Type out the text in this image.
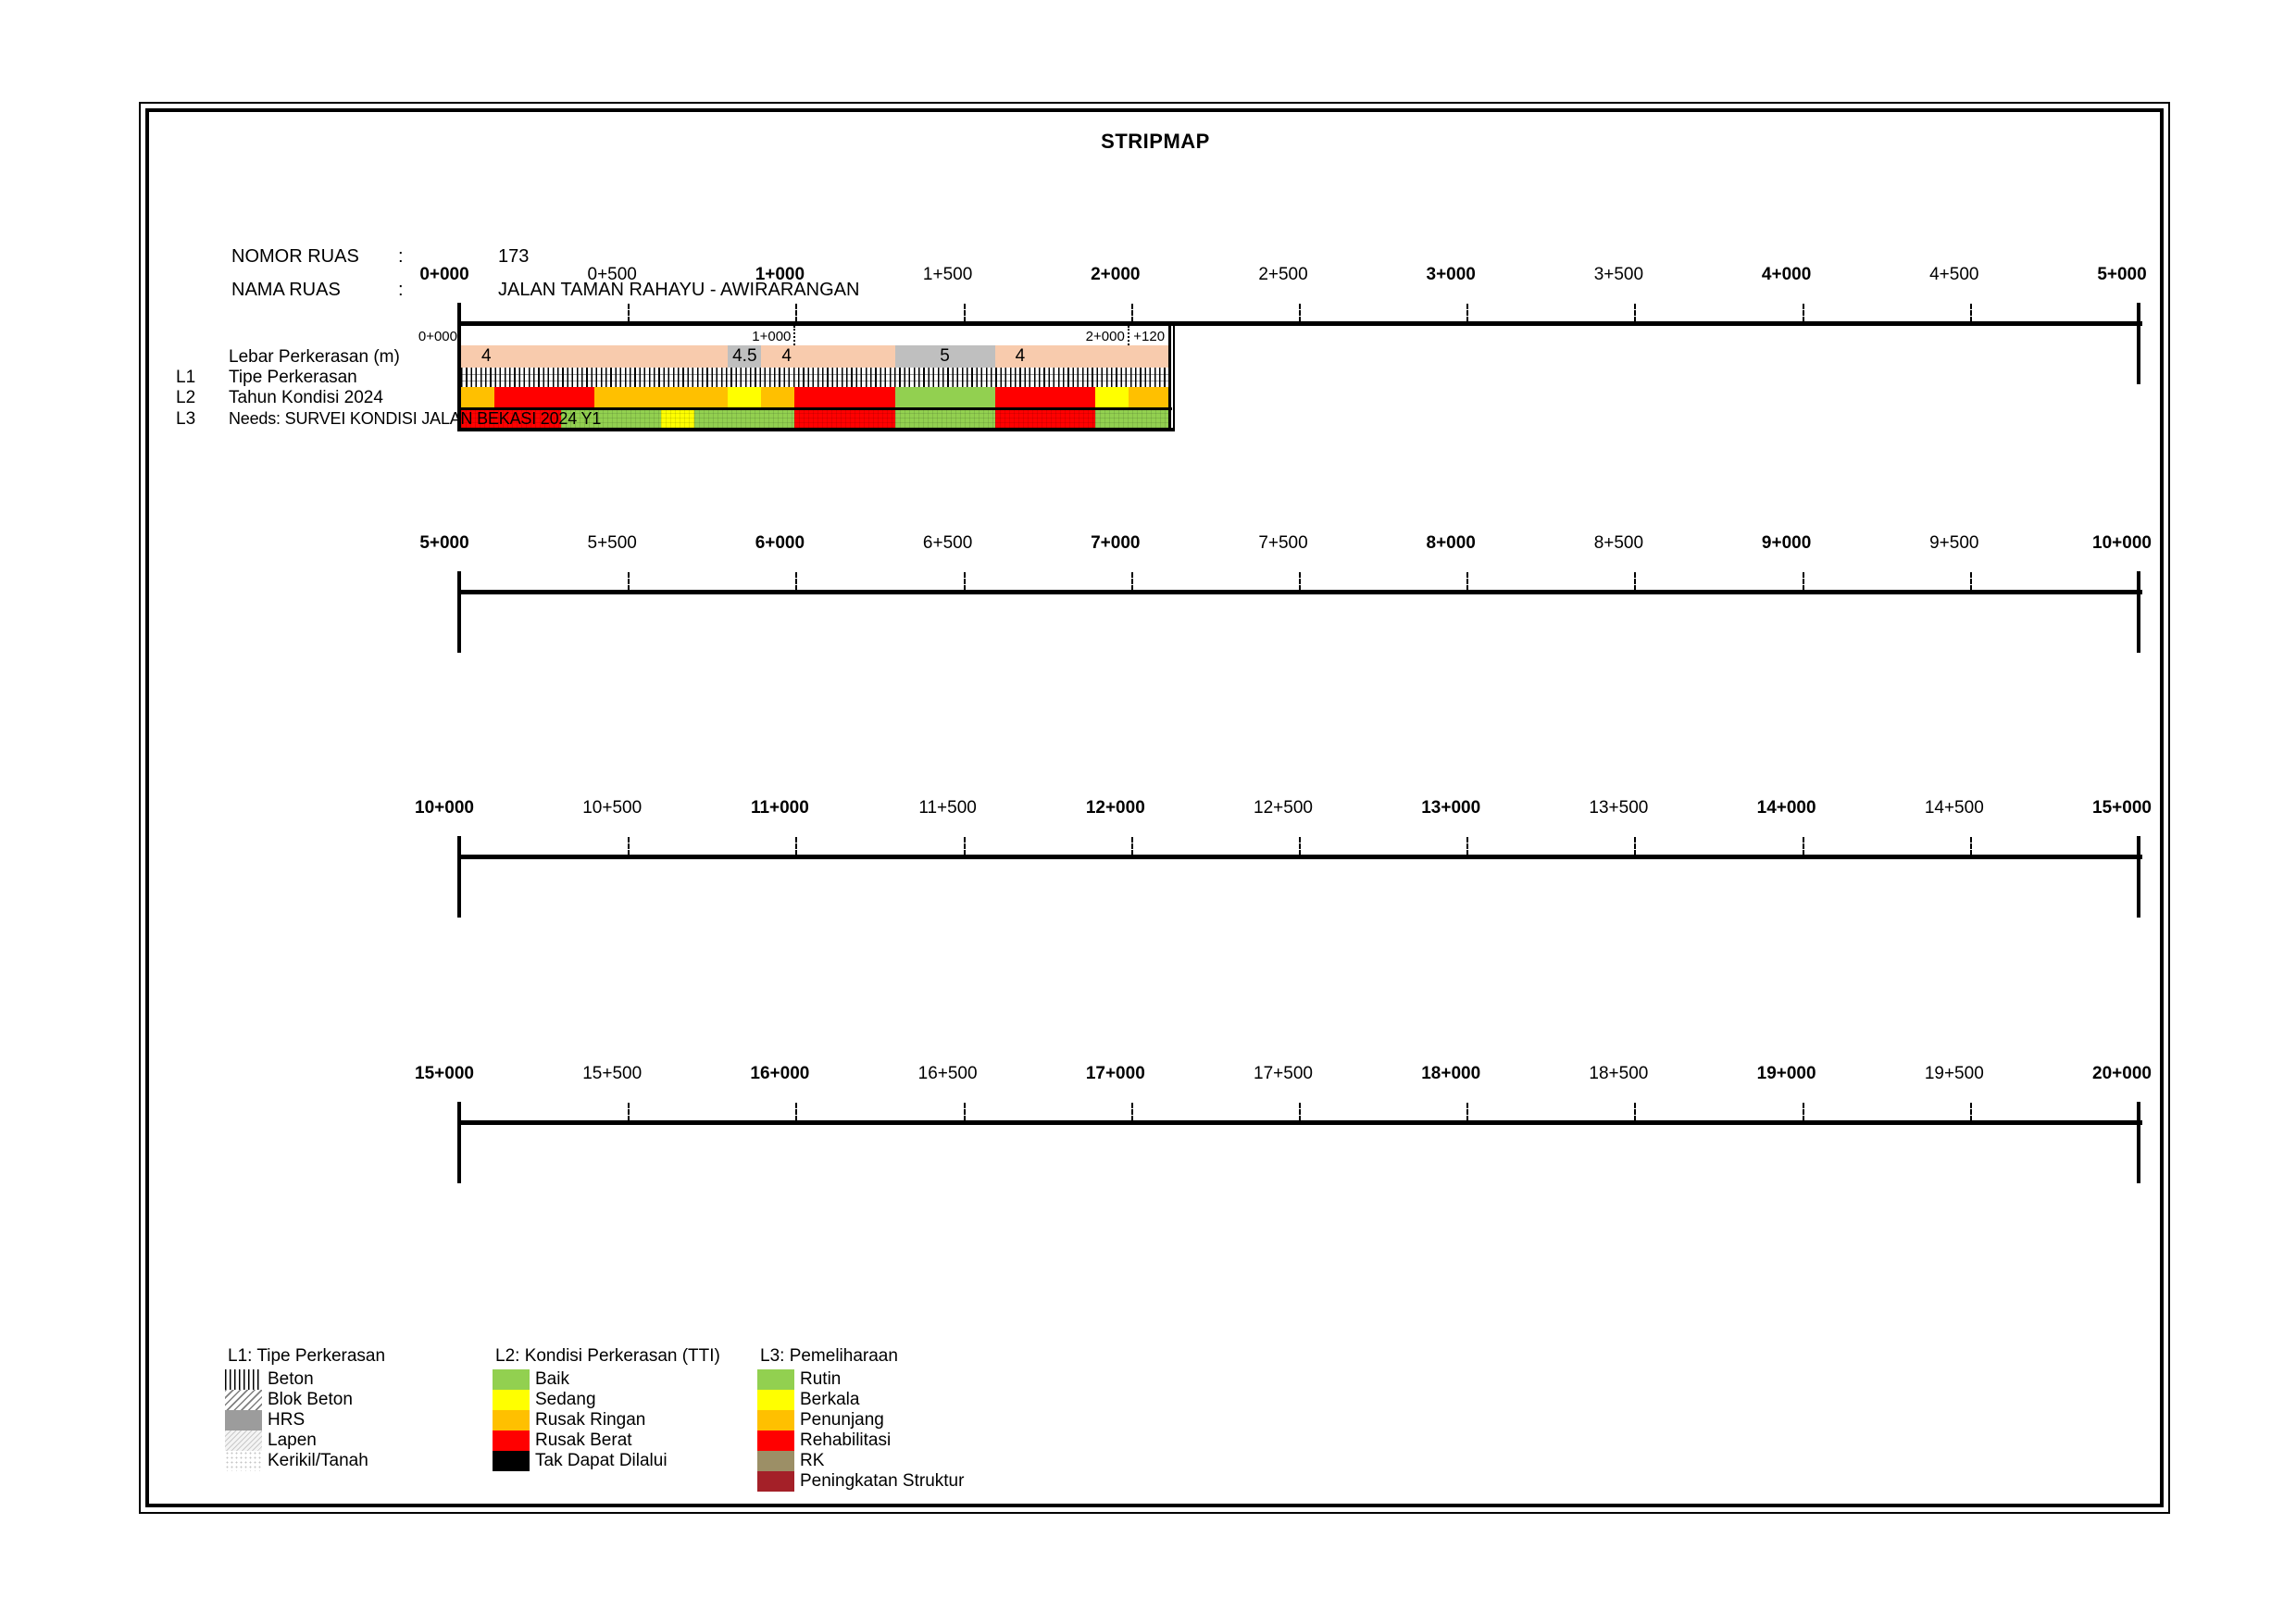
STRIPMAP
NOMOR RUAS :	173
NAMA RUAS	:	JALAN TAMAN RAHAYU - AWIRARANGAN
0+000	0+500	1+000	1+500	2+000	2+500	3+000	3+500	4+000	4+500	5+000
5+000	5+500	6+000	6+500	7+000	7+500	8+000	8+500	9+000	9+500	10+000
10+000	10+500	11+000	11+500	12+000	12+500	13+000	13+500	14+000	14+500	15+000
15+000	15+500	16+000	16+500	17+000	17+500	18+000	18+500	19+000	19+500	20+000
0+000	1+000	2+000 +120
4	4.5	4	5	4
Lebar Perkerasan (m)
L1 Tipe Perkerasan
L2 Tahun Kondisi 2024
L3 Needs: SURVEI KONDISI JALAN BEKASI 2024 Y1
L1: Tipe Perkerasan
Beton
Blok Beton
HRS
Lapen
Kerikil/Tanah
L2: Kondisi Perkerasan (TTI)
Baik
Sedang
Rusak Ringan
Rusak Berat
Tak Dapat Dilalui
L3: Pemeliharaan
Rutin
Berkala
Penunjang
Rehabilitasi
RK
Peningkatan Struktur
